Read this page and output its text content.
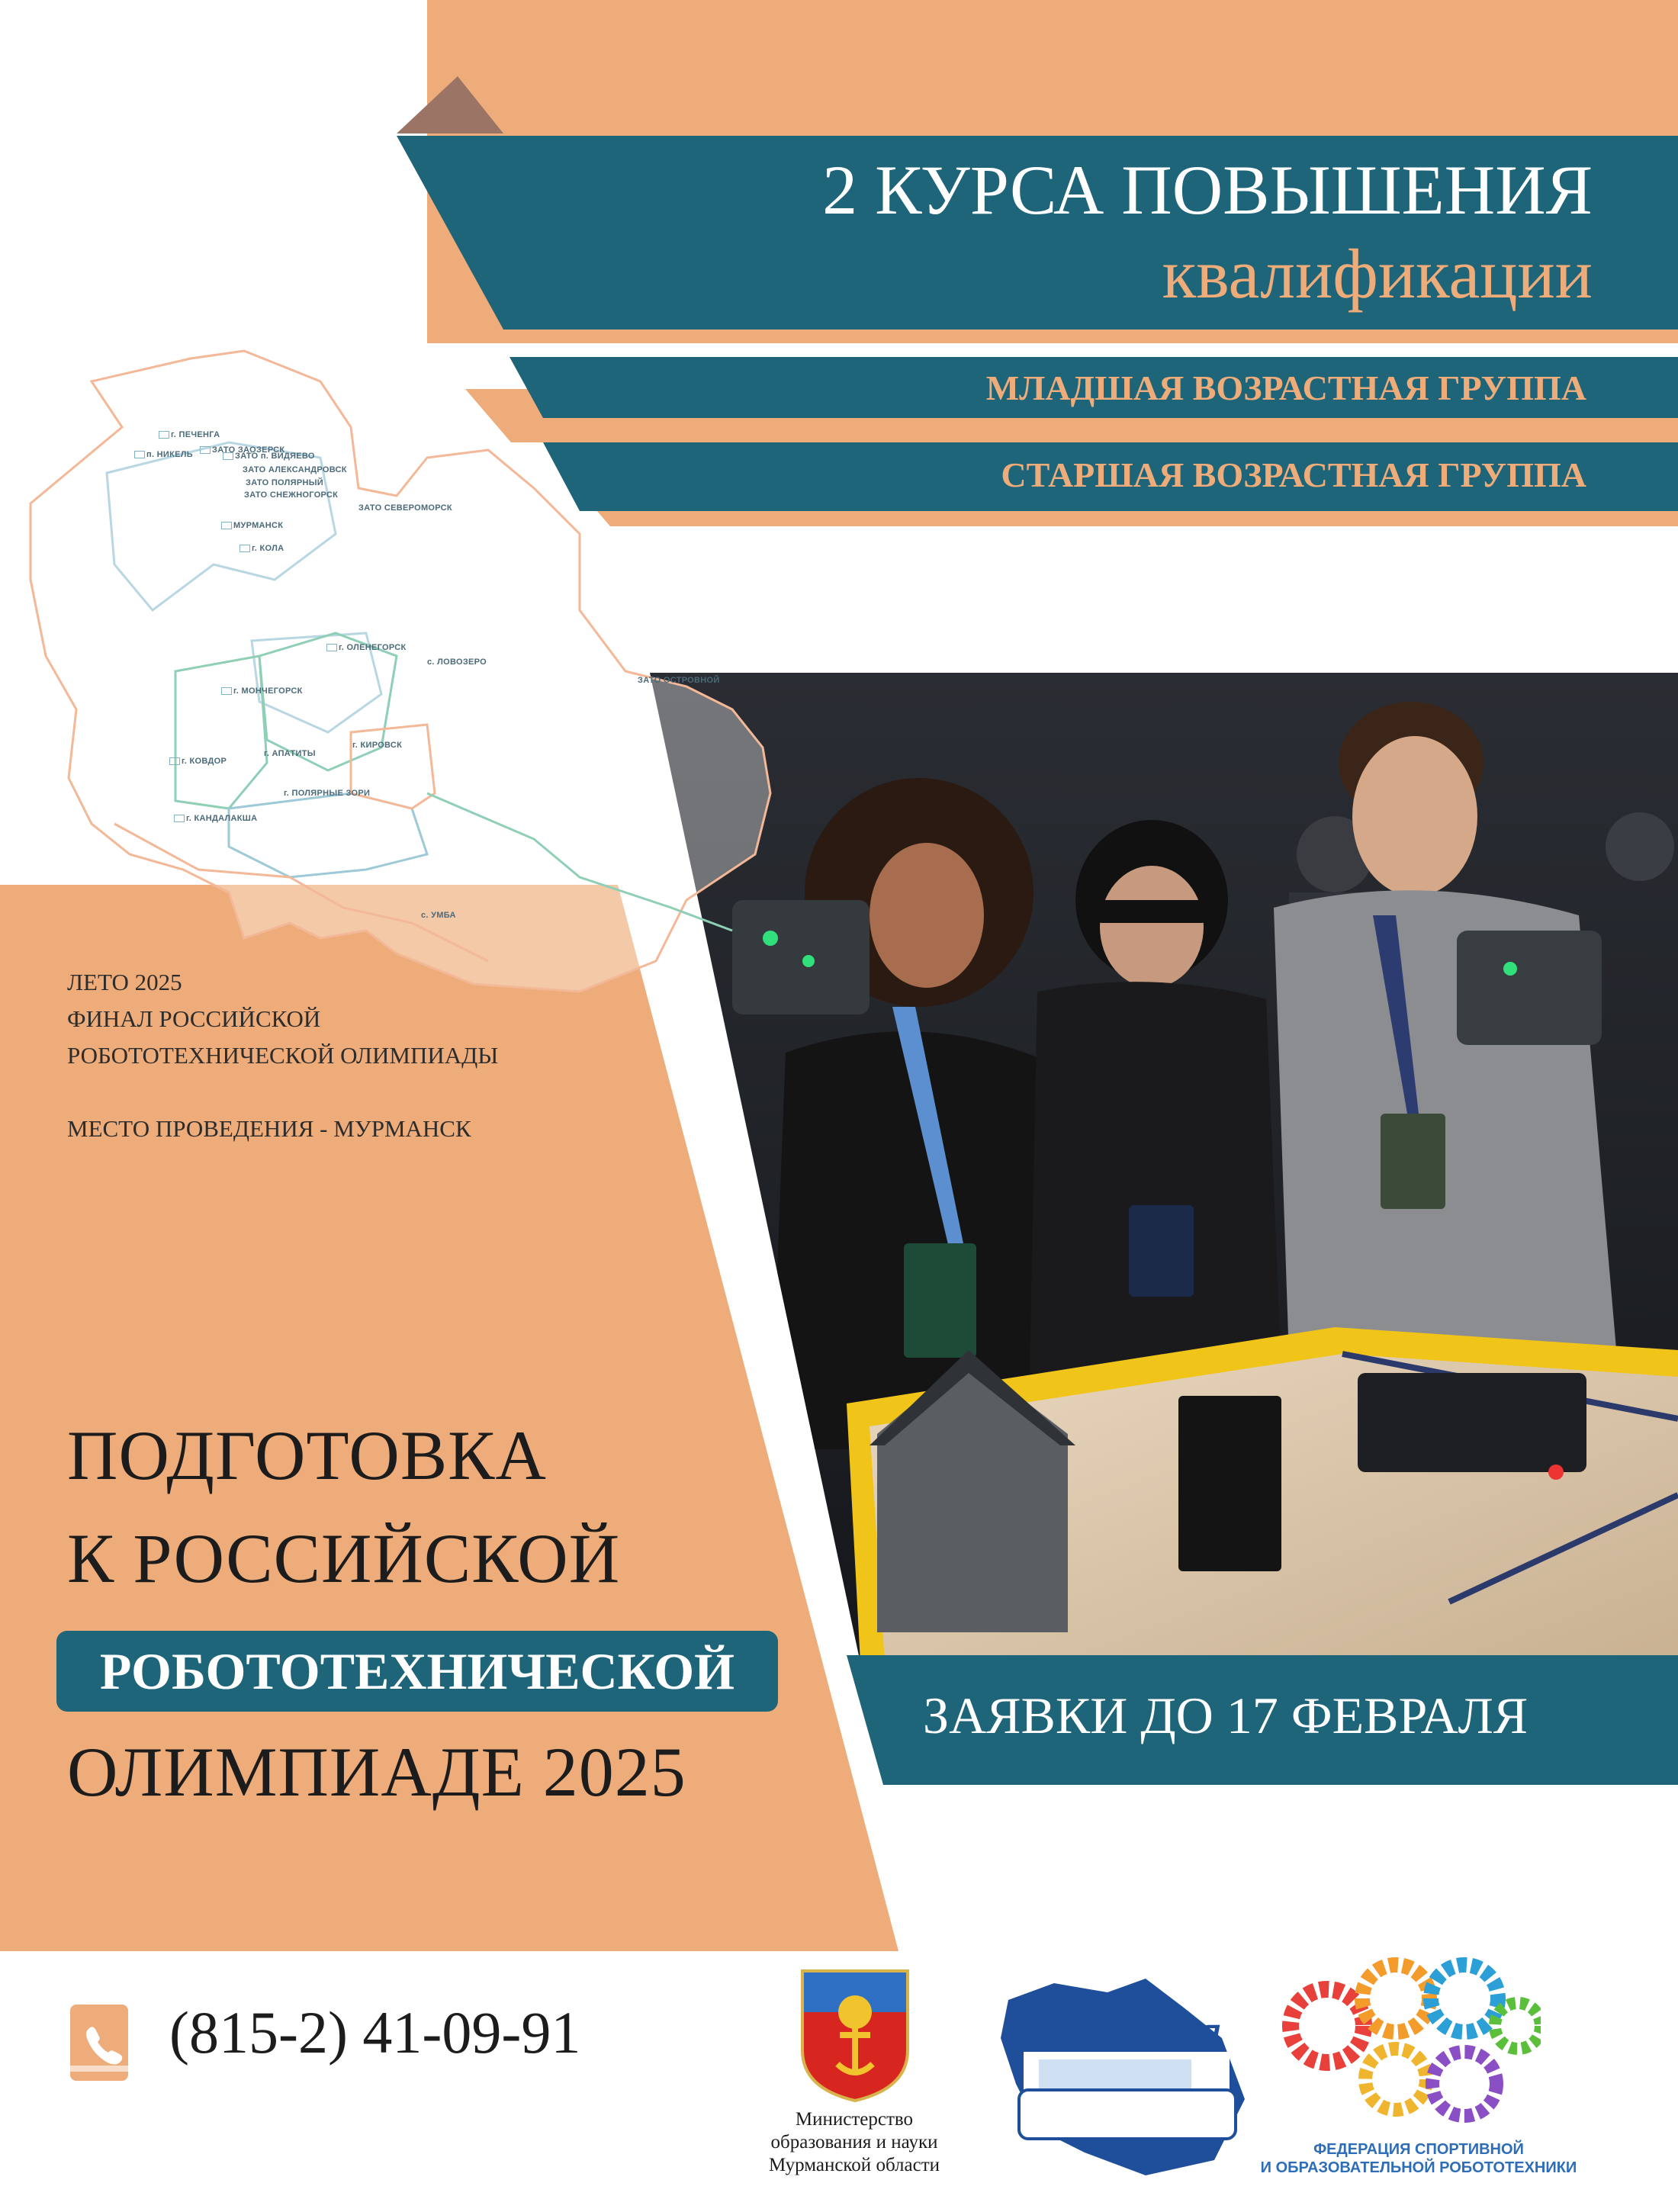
г. ПЕЧЕНГА
ЗАТО ЗАОЗЕРСК
п. НИКЕЛЬ	ЗАТО п. ВИДЯЕВО
ЗАТО АЛЕКСАНДРОВСК
ЗАТО ПОЛЯРНЫЙ
ЗАТО СНЕЖНОГОРСК
ЗАТО СЕВЕРОМОРСК
МУРМАНСК
г. КОЛА
г. ОЛЕНЕГОРСК
с. ЛОВОЗЕРО
ЗАТО ОСТРОВНОЙ
г. МОНЧЕГОРСК
г. КИРОВСК
г. АПАТИТЫ
г. КОВДОР
г. ПОЛЯРНЫЕ ЗОРИ
г. КАНДАЛАКША
с. УМБА
2 КУРСА ПОВЫШЕНИЯ
квалификации
МЛАДШАЯ ВОЗРАСТНАЯ ГРУППА
СТАРШАЯ ВОЗРАСТНАЯ ГРУППА
ЛЕТО 2025
ФИНАЛ РОССИЙСКОЙ
РОБОТОТЕХНИЧЕСКОЙ ОЛИМПИАДЫ
МЕСТО ПРОВЕДЕНИЯ - МУРМАНСК
ПОДГОТОВКА
К РОССИЙСКОЙ
РОБОТОТЕХНИЧЕСКОЙ
ОЛИМПИАДЕ 2025
ЗАЯВКИ ДО 17 ФЕВРАЛЯ
(815-2) 41-09-91
Министерство
образования и науки
Мурманской области
ЛАПЛАНДИЯ
ФЕДЕРАЦИЯ СПОРТИВНОЙ
И ОБРАЗОВАТЕЛЬНОЙ РОБОТОТЕХНИКИ
